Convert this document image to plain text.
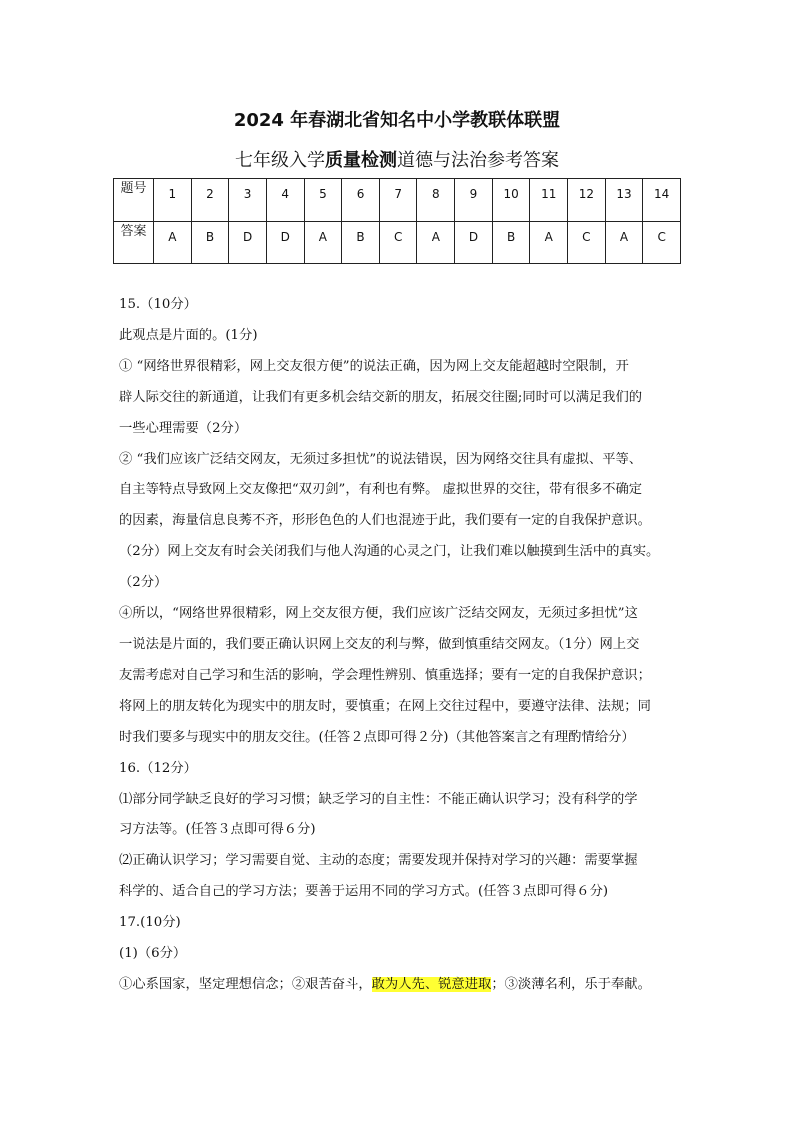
2024 年春湖北省知名中小学教联体联盟
七年级入学质量检测道德与法治参考答案
题号	1	2	3	4	5	6	7	8	9	10	11	12	13	14
答案	A	B	D	D	A	B	C	A	D	B	A	C	A	C

15.（10分）

此观点是片面的。(1分)

① “网络世界很精彩，网上交友很方便”的说法正确，因为网上交友能超越时空限制，开

辟人际交往的新通道，让我们有更多机会结交新的朋友，拓展交往圈;同时可以满足我们的

一些心理需要（2分）

② “我们应该广泛结交网友，无须过多担忧”的说法错误，因为网络交往具有虚拟、平等、

自主等特点导致网上交友像把“双刃剑”，有利也有弊。 虚拟世界的交往，带有很多不确定

的因素，海量信息良莠不齐，形形色色的人们也混迹于此，我们要有一定的自我保护意识。

（2分）网上交友有时会关闭我们与他人沟通的心灵之门，让我们难以触摸到生活中的真实。

（2分）

④所以，“网络世界很精彩，网上交友很方便，我们应该广泛结交网友，无须过多担忧”这

一说法是片面的，我们要正确认识网上交友的利与弊，做到慎重结交网友。（1分）网上交

友需考虑对自己学习和生活的影响，学会理性辨别、慎重选择；要有一定的自我保护意识；

将网上的朋友转化为现实中的朋友时，要慎重；在网上交往过程中，要遵守法律、法规；同

时我们要多与现实中的朋友交往。(任答２点即可得２分)（其他答案言之有理酌情给分）

16.（12分）

⑴部分同学缺乏良好的学习习惯；缺乏学习的自主性：不能正确认识学习；没有科学的学

习方法等。(任答３点即可得６分)

⑵正确认识学习；学习需要自觉、主动的态度；需要发现并保持对学习的兴趣：需要掌握

科学的、适合自己的学习方法；要善于运用不同的学习方式。(任答３点即可得６分)

17.(10分)

(1)（6分）

①心系国家，坚定理想信念；②艰苦奋斗，敢为人先、锐意进取；③淡薄名利，乐于奉献。
